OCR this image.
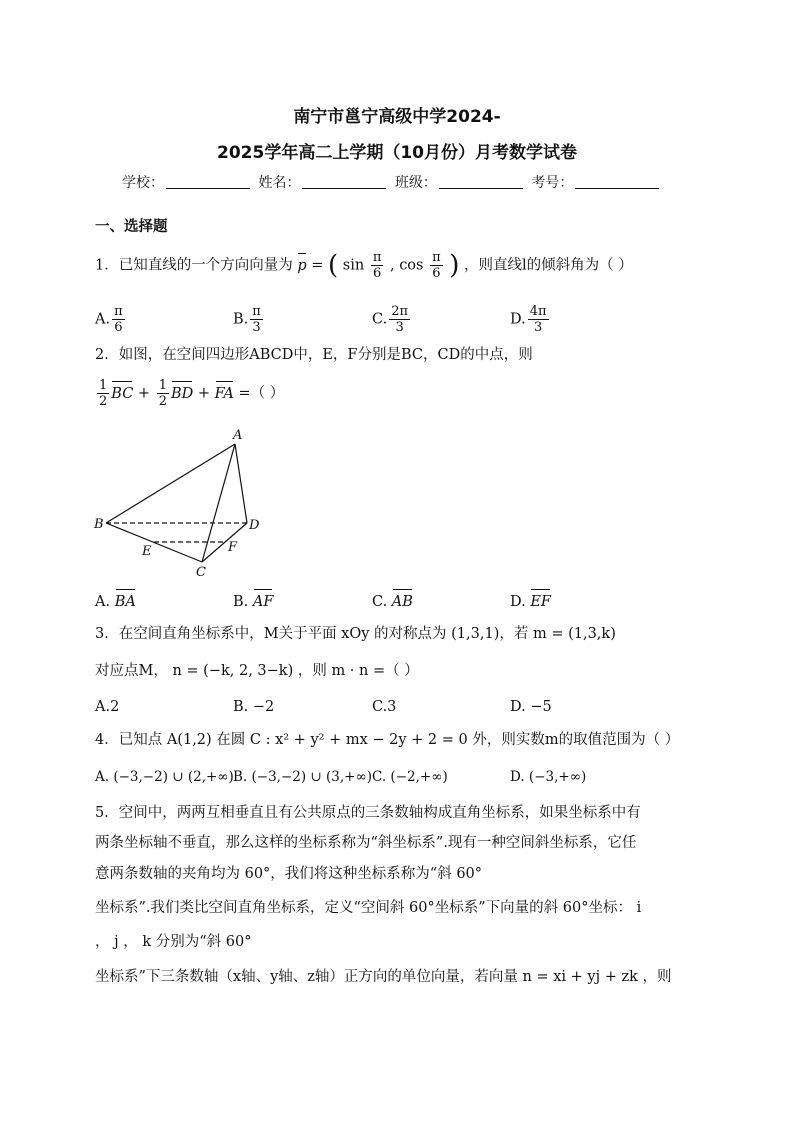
南宁市邕宁高级中学2024-
2025学年高二上学期（10月份）月考数学试卷
学校：	姓名：	班级：	考号：
一、选择题
1．已知直线的一个方向向量为 p = ( $\sin \frac{\pi}{6}$ , $\cos \frac{\pi}{6}$ ) ，则直线l的倾斜角为（ ）
A. $\frac{\pi}{6}$	B. $\frac{\pi}{3}$	C. $\frac{2\pi}{3}$	D. $\frac{4\pi}{3}$
2．如图，在空间四边形ABCD中，E，F分别是BC，CD的中点，则
$\frac{1}{2}$ BC + $\frac{1}{2}$ BD + FA =（ ）
A
B
C
D
E	F
A. BA	B. AF	C. AB	D. EF
3．在空间直角坐标系中，M关于平面 xOy 的对称点为 (1,3,1)，若 m = (1,3,k)
对应点M， n = (−k, 2, 3−k) ，则 m · n =（ ）
A.2	B. −2	C.3	D. −5
4．已知点 A(1,2) 在圆 C : x² + y² + mx − 2y + 2 = 0 外，则实数m的取值范围为（ ）
A. (−3,−2) ∪ (2,+∞) B. (−3,−2) ∪ (3,+∞) C. (−2,+∞)	D. (−3,+∞)
5．空间中，两两互相垂直且有公共原点的三条数轴构成直角坐标系，如果坐标系中有
两条坐标轴不垂直，那么这样的坐标系称为“斜坐标系”.现有一种空间斜坐标系，它任
意两条数轴的夹角均为 60°，我们将这种坐标系称为“斜 60°
坐标系”.我们类比空间直角坐标系，定义“空间斜 60°坐标系”下向量的斜 60°坐标： i
， j ， k 分别为“斜 60°
坐标系”下三条数轴（x轴、y轴、z轴）正方向的单位向量，若向量 n = xi + yj + zk ，则
